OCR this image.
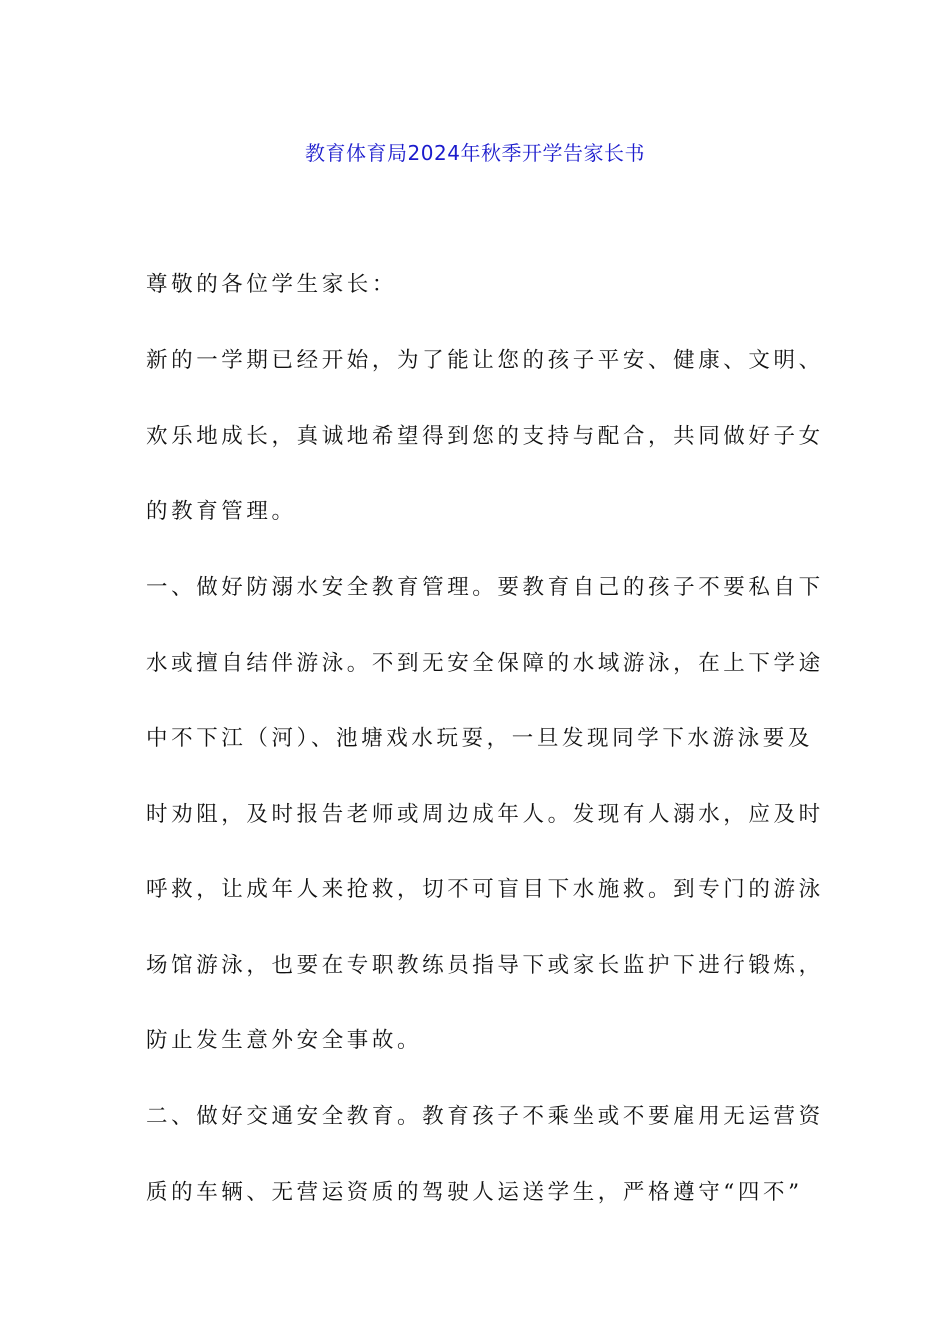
教育体育局2024年秋季开学告家长书
尊敬的各位学生家长：
新的一学期已经开始，为了能让您的孩子平安、健康、文明、
欢乐地成长，真诚地希望得到您的支持与配合，共同做好子女
的教育管理。
一、做好防溺水安全教育管理。要教育自己的孩子不要私自下
水或擅自结伴游泳。不到无安全保障的水域游泳，在上下学途
中不下江（河）、池塘戏水玩耍，一旦发现同学下水游泳要及
时劝阻，及时报告老师或周边成年人。发现有人溺水，应及时
呼救，让成年人来抢救，切不可盲目下水施救。到专门的游泳
场馆游泳，也要在专职教练员指导下或家长监护下进行锻炼，
防止发生意外安全事故。
二、做好交通安全教育。教育孩子不乘坐或不要雇用无运营资
质的车辆、无营运资质的驾驶人运送学生，严格遵守“四不”
